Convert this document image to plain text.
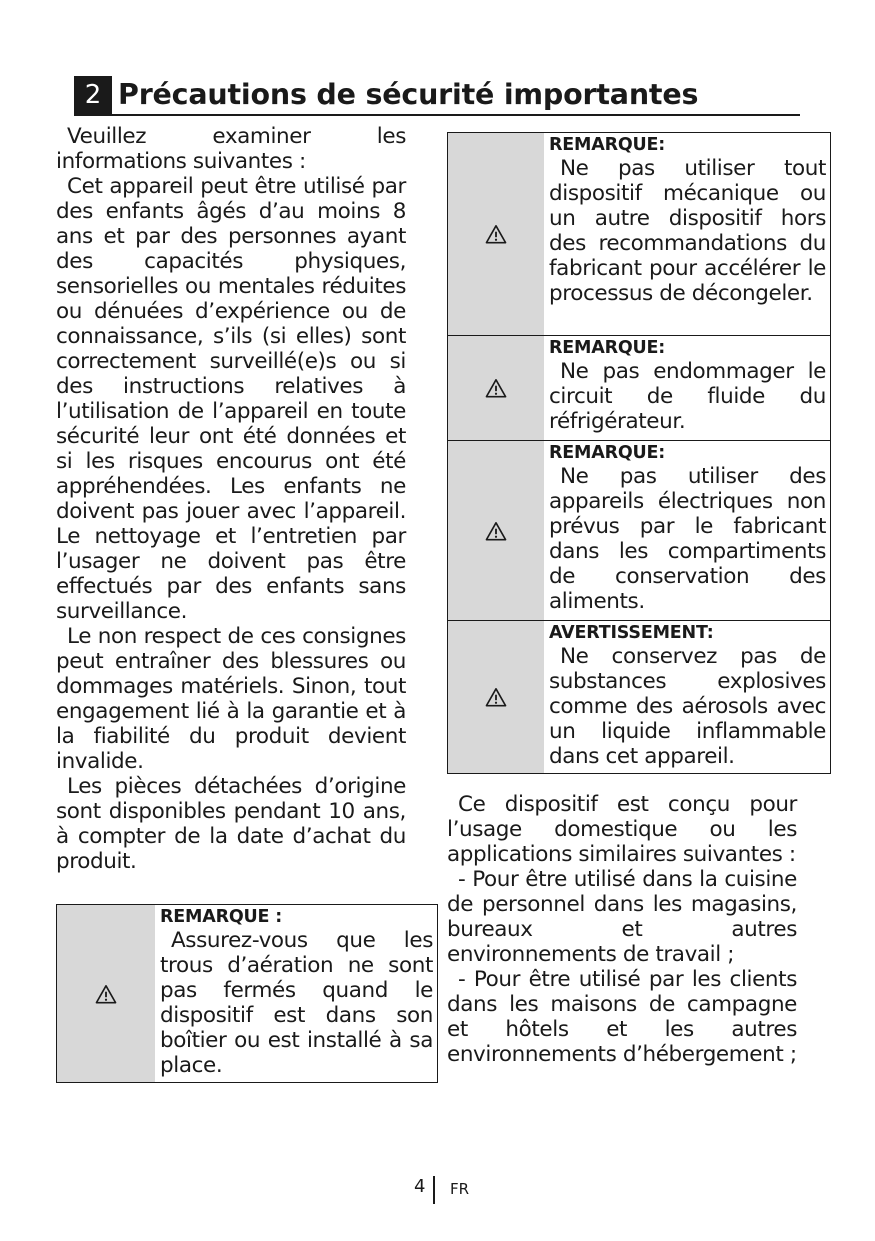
2 Précautions de sécurité importantes

Veuillez examiner les informations suivantes :

Cet appareil peut être utilisé par des enfants âgés d’au moins 8 ans et par des personnes ayant des capacités physiques, sensorielles ou mentales réduites ou dénuées d’expérience ou de connaissance, s’ils (si elles) sont correctement surveillé(e)s ou si des instructions relatives à l’utilisation de l’appareil en toute sécurité leur ont été données et si les risques encourus ont été appréhendées. Les enfants ne doivent pas jouer avec l’appareil. Le nettoyage et l’entretien par l’usager ne doivent pas être effectués par des enfants sans surveillance.

Le non respect de ces consignes peut entraîner des blessures ou dommages matériels. Sinon, tout engagement lié à la garantie et à la fiabilité du produit devient invalide.

Les pièces détachées d’origine sont disponibles pendant 10 ans, à compter de la date d’achat du produit.

REMARQUE :
Assurez-vous que les trous d’aération ne sont pas fermés quand le dispositif est dans son boîtier ou est installé à sa place.
REMARQUE:
Ne pas utiliser tout dispositif mécanique ou un autre dispositif hors des recommandations du fabricant pour accélérer le processus de décongeler.
REMARQUE:
Ne pas endommager le circuit de fluide du réfrigérateur.
REMARQUE:
Ne pas utiliser des appareils électriques non prévus par le fabricant dans les compartiments de conservation des aliments.
AVERTISSEMENT:
Ne conservez pas de substances explosives comme des aérosols avec un liquide inflammable dans cet appareil.

Ce dispositif est conçu pour l’usage domestique ou les applications similaires suivantes :

- Pour être utilisé dans la cuisine de personnel dans les magasins, bureaux et autres environnements de travail ;

- Pour être utilisé par les clients dans les maisons de campagne et hôtels et les autres environnements d’hébergement ;

4 FR
